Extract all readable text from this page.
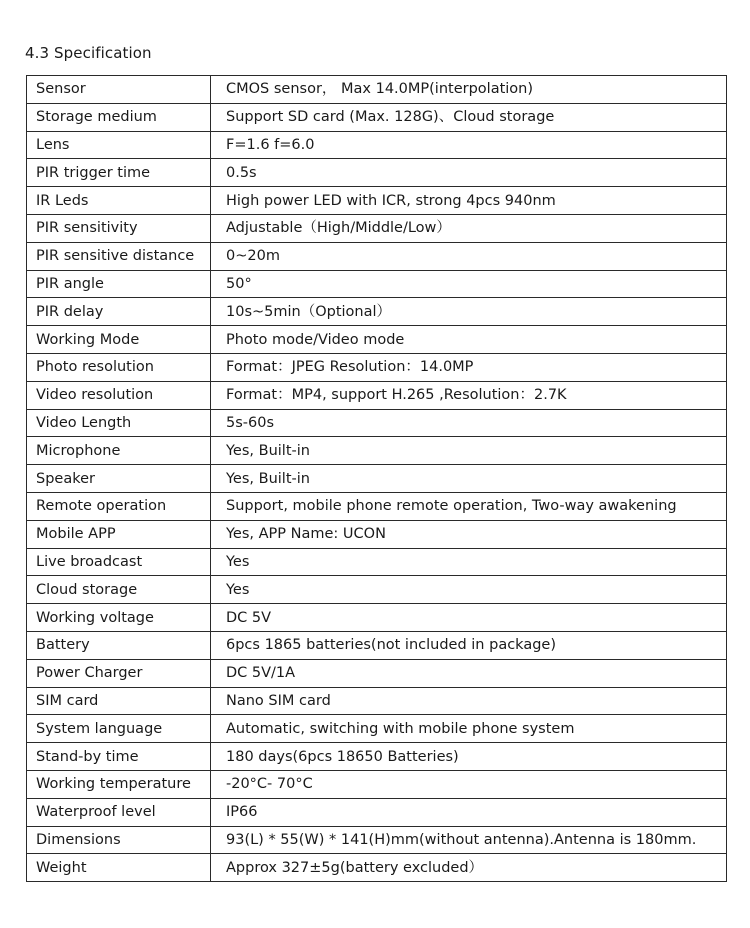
4.3 Specification
Sensor	CMOS sensor， Max 14.0MP(interpolation)
Storage medium	Support SD card (Max. 128G)、Cloud storage
Lens	F=1.6 f=6.0
PIR trigger time	0.5s
IR Leds	High power LED with ICR, strong 4pcs 940nm
PIR sensitivity	Adjustable（High/Middle/Low）
PIR sensitive distance	0~20m
PIR angle	50°
PIR delay	10s~5min（Optional）
Working Mode	Photo mode/Video mode
Photo resolution	Format：JPEG Resolution：14.0MP
Video resolution	Format：MP4, support H.265 ,Resolution：2.7K
Video Length	5s-60s
Microphone	Yes, Built-in
Speaker	Yes, Built-in
Remote operation	Support, mobile phone remote operation, Two-way awakening
Mobile APP	Yes, APP Name: UCON
Live broadcast	Yes
Cloud storage	Yes
Working voltage	DC 5V
Battery	6pcs 1865 batteries(not included in package)
Power Charger	DC 5V/1A
SIM card	Nano SIM card
System language	Automatic, switching with mobile phone system
Stand-by time	180 days(6pcs 18650 Batteries)
Working temperature	-20°C- 70°C
Waterproof level	IP66
Dimensions	93(L) * 55(W) * 141(H)mm(without antenna).Antenna is 180mm.
Weight	Approx 327±5g(battery excluded）
